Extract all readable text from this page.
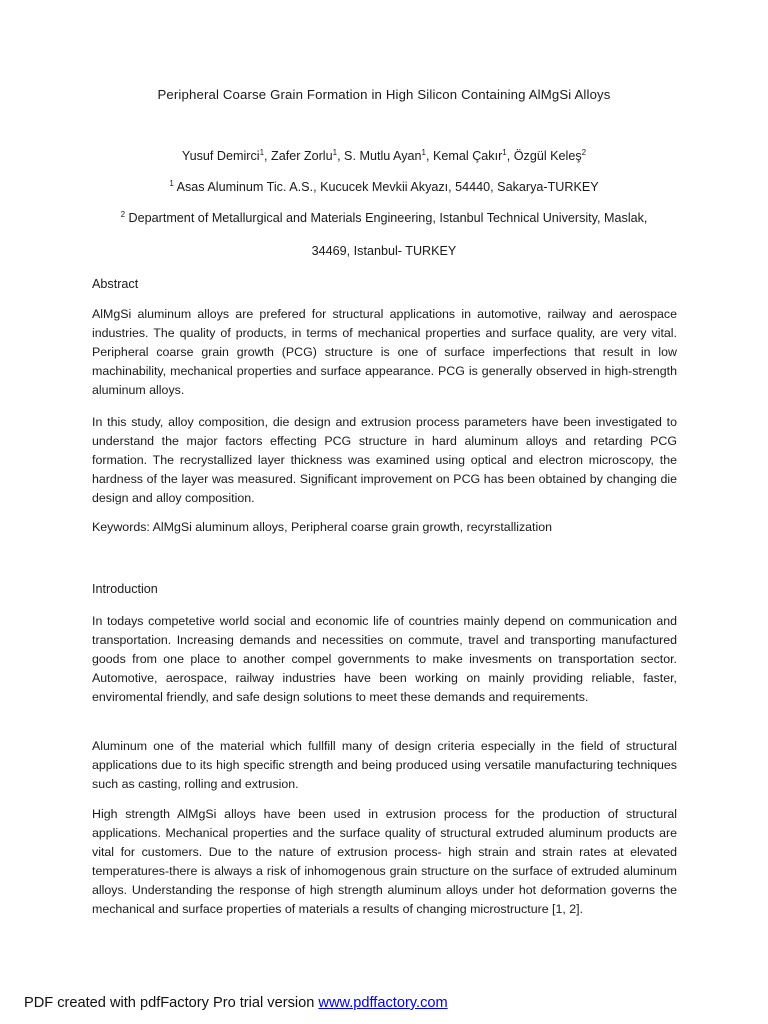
Peripheral Coarse Grain Formation in High Silicon Containing AlMgSi Alloys
Yusuf Demirci$^1$, Zafer Zorlu$^1$, S. Mutlu Ayan$^1$, Kemal Çakır$^1$, Özgül Keleş$^2$
$^1$ Asas Aluminum Tic. A.S., Kucucek Mevkii Akyazı, 54440, Sakarya-TURKEY
$^2$ Department of Metallurgical and Materials Engineering, Istanbul Technical University, Maslak,
34469, Istanbul- TURKEY
Abstract

AlMgSi aluminum alloys are prefered for structural applications in automotive, railway and aerospace industries. The quality of products, in terms of mechanical properties and surface quality, are very vital. Peripheral coarse grain growth (PCG) structure is one of surface imperfections that result in low machinability, mechanical properties and surface appearance. PCG is generally observed in high-strength aluminum alloys.

In this study, alloy composition, die design and extrusion process parameters have been investigated to understand the major factors effecting PCG structure in hard aluminum alloys and retarding PCG formation. The recrystallized layer thickness was examined using optical and electron microscopy, the hardness of the layer was measured. Significant improvement on PCG has been obtained by changing die design and alloy composition.

Keywords: AlMgSi aluminum alloys, Peripheral coarse grain growth, recyrstallization

Introduction

In todays competetive world social and economic life of countries mainly depend on communication and transportation. Increasing demands and necessities on commute, travel and transporting manufactured goods from one place to another compel governments to make invesments on transportation sector. Automotive, aerospace, railway industries have been working on mainly providing reliable, faster, enviromental friendly, and safe design solutions to meet these demands and requirements.

Aluminum one of the material which fullfill many of design criteria especially in the field of structural applications due to its high specific strength and being produced using versatile manufacturing techniques such as casting, rolling and extrusion.

High strength AlMgSi alloys have been used in extrusion process for the production of structural applications. Mechanical properties and the surface quality of structural extruded aluminum products are vital for customers. Due to the nature of extrusion process- high strain and strain rates at elevated temperatures-there is always a risk of inhomogenous grain structure on the surface of extruded aluminum alloys. Understanding the response of high strength aluminum alloys under hot deformation governs the mechanical and surface properties of materials a results of changing microstructure [1, 2].

PDF created with pdfFactory Pro trial version www.pdffactory.com
